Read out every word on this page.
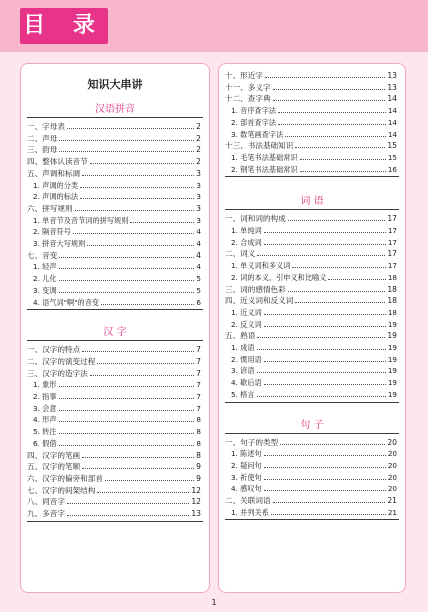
目 录
知识大串讲
汉语拼音
一、字母表	2
二、声母	2
三、韵母	2
四、整体认读音节	2
五、声调和标调	3
1. 声调的分类	3
2. 声调的标法	3
六、拼写规则	3
1. 单音节及音节词的拼写规则	3
2. 隔音符号	4
3. 拼音大写规则	4
七、音变	4
1. 轻声	4
2. 儿化	5
3. 变调	5
4. 语气词"啊"的音变	6
汉 字
一、汉字的特点	7
二、汉字的演变过程	7
三、汉字的造字法	7
1. 象形	7
2. 指事	7
3. 会意	7
4. 形声	8
5. 转注	8
6. 假借	8
四、汉字的笔画	8
五、汉字的笔顺	9
六、汉字的偏旁和部首	9
七、汉字的间架结构	12
八、同音字	12
九、多音字	13
十、形近字	13
十一、多义字	13
十二、查字典	14
1. 音序查字法	14
2. 部首查字法	14
3. 数笔画查字法	14
十三、书法基础知识	15
1. 毛笔书法基础常识	15
2. 钢笔书法基础常识	16
词 语
一、词和词的构成	17
1. 单纯词	17
2. 合成词	17
二、词义	17
1. 单义词和多义词	17
2. 词的本义、引申义和比喻义	18
三、词的感情色彩	18
四、近义词和反义词	18
1. 近义词	18
2. 反义词	19
五、熟语	19
1. 成语	19
2. 惯用语	19
3. 谚语	19
4. 歇后语	19
5. 格言	19
句 子
一、句子的类型	20
1. 陈述句	20
2. 疑问句	20
3. 祈使句	20
4. 感叹句	20
二、关联词语	21
1. 并列关系	21
1
